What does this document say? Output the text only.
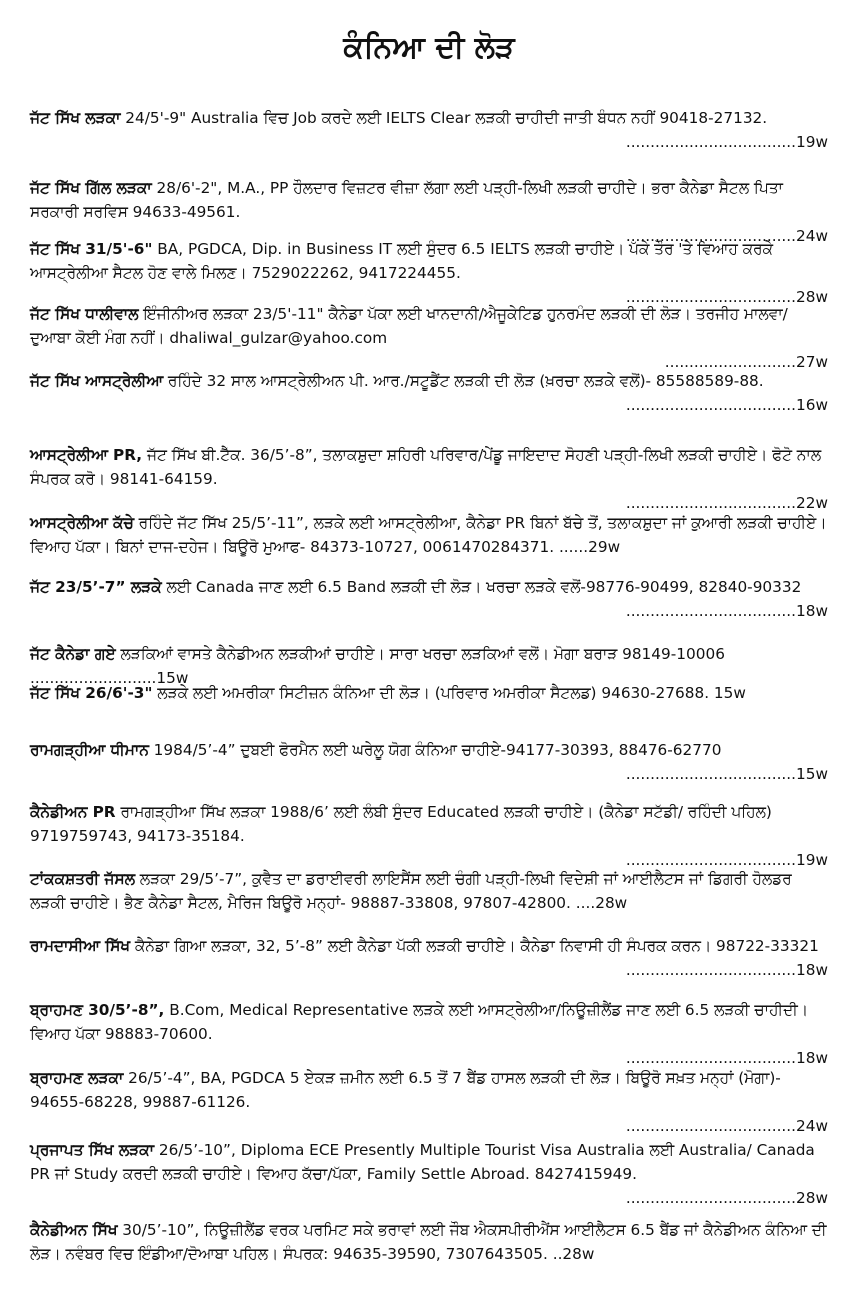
ਕੰਨਿਆ ਦੀ ਲੋੜ

ਜੱਟ ਸਿੱਖ ਲੜਕਾ 24/5'-9" Australia ਵਿਚ Job ਕਰਦੇ ਲਈ IELTS Clear ਲੜਕੀ ਚਾਹੀਦੀ ਜਾਤੀ ਬੰਧਨ ਨਹੀਂ 90418-27132.
...................................19w

ਜੱਟ ਸਿੱਖ ਗਿੱਲ ਲੜਕਾ 28/6'-2", M.A., PP ਹੌਲਦਾਰ ਵਿਜ਼ਟਰ ਵੀਜ਼ਾ ਲੱਗਾ ਲਈ ਪੜ੍ਹੀ-ਲਿਖੀ ਲੜਕੀ ਚਾਹੀਦੇ। ਭਰਾ ਕੈਨੇਡਾ ਸੈਟਲ ਪਿਤਾ ਸਰਕਾਰੀ ਸਰਵਿਸ 94633-49561.
...................................24w

ਜੱਟ ਸਿੱਖ 31/5'-6" BA, PGDCA, Dip. in Business IT ਲਈ ਸੁੰਦਰ 6.5 IELTS ਲੜਕੀ ਚਾਹੀਏ। ਪੱਕੇ ਤੌਰ 'ਤੇ ਵਿਆਹ ਕਰਕੇ ਆਸਟ੍ਰੇਲੀਆ ਸੈਟਲ ਹੋਣ ਵਾਲੇ ਮਿਲਣ। 7529022262, 9417224455.
...................................28w

ਜੱਟ ਸਿੱਖ ਧਾਲੀਵਾਲ ਇੰਜੀਨੀਅਰ ਲੜਕਾ 23/5'-11" ਕੈਨੇਡਾ ਪੱਕਾ ਲਈ ਖਾਨਦਾਨੀ/ਐਜੂਕੇਟਿਡ ਹੁਨਰਮੰਦ ਲੜਕੀ ਦੀ ਲੋੜ। ਤਰਜੀਹ ਮਾਲਵਾ/ਦੁਆਬਾ ਕੋਈ ਮੰਗ ਨਹੀਂ। dhaliwal_gulzar@yahoo.com
...........................27w

ਜੱਟ ਸਿੱਖ ਆਸਟ੍ਰੇਲੀਆ ਰਹਿੰਦੇ 32 ਸਾਲ ਆਸਟ੍ਰੇਲੀਅਨ ਪੀ. ਆਰ./ਸਟੂਡੈਂਟ ਲੜਕੀ ਦੀ ਲੋੜ (ਖ਼ਰਚਾ ਲੜਕੇ ਵਲੋਂ)- 85588589-88.
...................................16w

ਆਸਟ੍ਰੇਲੀਆ PR, ਜੱਟ ਸਿੱਖ ਬੀ.ਟੈੱਕ. 36/5’-8”, ਤਲਾਕਸ਼ੁਦਾ ਸ਼ਹਿਰੀ ਪਰਿਵਾਰ/ਪੇਂਡੂ ਜਾਇਦਾਦ ਸੋਹਣੀ ਪੜ੍ਹੀ-ਲਿਖੀ ਲੜਕੀ ਚਾਹੀਏ। ਫੋਟੋ ਨਾਲ ਸੰਪਰਕ ਕਰੋ। 98141-64159.
...................................22w

ਆਸਟ੍ਰੇਲੀਆ ਕੱਚੇ ਰਹਿੰਦੇ ਜੱਟ ਸਿੱਖ 25/5’-11”, ਲੜਕੇ ਲਈ ਆਸਟ੍ਰੇਲੀਆ, ਕੈਨੇਡਾ PR ਬਿਨਾਂ ਬੱਚੇ ਤੋਂ, ਤਲਾਕਸ਼ੁਦਾ ਜਾਂ ਕੁਆਰੀ ਲੜਕੀ ਚਾਹੀਏ। ਵਿਆਹ ਪੱਕਾ। ਬਿਨਾਂ ਦਾਜ-ਦਹੇਜ। ਬਿਊਰੋ ਮੁਆਫ- 84373-10727, 0061470284371. ......29w

ਜੱਟ 23/5’-7” ਲੜਕੇ ਲਈ Canada ਜਾਣ ਲਈ 6.5 Band ਲੜਕੀ ਦੀ ਲੋੜ। ਖਰਚਾ ਲੜਕੇ ਵਲੋਂ-98776-90499, 82840-90332
...................................18w

ਜੱਟ ਕੈਨੇਡਾ ਗਏ ਲੜਕਿਆਂ ਵਾਸਤੇ ਕੈਨੇਡੀਅਨ ਲੜਕੀਆਂ ਚਾਹੀਏ। ਸਾਰਾ ਖਰਚਾ ਲੜਕਿਆਂ ਵਲੋਂ। ਮੋਗਾ ਬਰਾੜ 98149-10006 ..........................15w

ਜੱਟ ਸਿੱਖ 26/6'-3" ਲੜਕੇ ਲਈ ਅਮਰੀਕਾ ਸਿਟੀਜ਼ਨ ਕੰਨਿਆ ਦੀ ਲੋੜ। (ਪਰਿਵਾਰ ਅਮਰੀਕਾ ਸੈਟਲਡ) 94630-27688. 15w

ਰਾਮਗੜ੍ਹੀਆ ਧੀਮਾਨ 1984/5’-4” ਦੁਬਈ ਫੋਰਮੈਨ ਲਈ ਘਰੇਲੂ ਯੋਗ ਕੰਨਿਆ ਚਾਹੀਏ-94177-30393, 88476-62770
...................................15w

ਕੈਨੇਡੀਅਨ PR ਰਾਮਗੜ੍ਹੀਆ ਸਿੱਖ ਲੜਕਾ 1988/6’ ਲਈ ਲੰਬੀ ਸੁੰਦਰ Educated ਲੜਕੀ ਚਾਹੀਏ। (ਕੈਨੇਡਾ ਸਟੱਡੀ/ ਰਹਿੰਦੀ ਪਹਿਲ) 9719759743, 94173-35184.
...................................19w

ਟਾਂਕਕਸ਼ਤਰੀ ਜੱਸਲ ਲੜਕਾ 29/5’-7”, ਕੁਵੈਤ ਦਾ ਡਰਾਈਵਰੀ ਲਾਇਸੈਂਸ ਲਈ ਚੰਗੀ ਪੜ੍ਹੀ-ਲਿਖੀ ਵਿਦੇਸ਼ੀ ਜਾਂ ਆਈਲੈਟਸ ਜਾਂ ਡਿਗਰੀ ਹੋਲਡਰ ਲੜਕੀ ਚਾਹੀਏ। ਭੈਣ ਕੈਨੇਡਾ ਸੈਟਲ, ਮੈਰਿਜ ਬਿਊਰੋ ਮਨ੍ਹਾਂ- 98887-33808, 97807-42800. ....28w

ਰਾਮਦਾਸੀਆ ਸਿੱਖ ਕੈਨੇਡਾ ਗਿਆ ਲੜਕਾ, 32, 5’-8” ਲਈ ਕੈਨੇਡਾ ਪੱਕੀ ਲੜਕੀ ਚਾਹੀਏ। ਕੈਨੇਡਾ ਨਿਵਾਸੀ ਹੀ ਸੰਪਰਕ ਕਰਨ। 98722-33321
...................................18w

ਬ੍ਰਾਹਮਣ 30/5’-8”, B.Com, Medical Representative ਲੜਕੇ ਲਈ ਆਸਟ੍ਰੇਲੀਆ/ਨਿਊਜ਼ੀਲੈਂਡ ਜਾਣ ਲਈ 6.5 ਲੜਕੀ ਚਾਹੀਦੀ। ਵਿਆਹ ਪੱਕਾ 98883-70600.
...................................18w

ਬ੍ਰਾਹਮਣ ਲੜਕਾ 26/5’-4”, BA, PGDCA 5 ਏਕੜ ਜ਼ਮੀਨ ਲਈ 6.5 ਤੋਂ 7 ਬੈਂਡ ਹਾਸਲ ਲੜਕੀ ਦੀ ਲੋੜ। ਬਿਊਰੋ ਸਖ਼ਤ ਮਨ੍ਹਾਂ (ਮੋਗਾ)- 94655-68228, 99887-61126.
...................................24w

ਪ੍ਰਜਾਪਤ ਸਿੱਖ ਲੜਕਾ 26/5’-10”, Diploma ECE Presently Multiple Tourist Visa Australia ਲਈ Australia/ Canada PR ਜਾਂ Study ਕਰਦੀ ਲੜਕੀ ਚਾਹੀਏ। ਵਿਆਹ ਕੱਚਾ/ਪੱਕਾ, Family Settle Abroad. 8427415949.
...................................28w

ਕੈਨੇਡੀਅਨ ਸਿੱਖ 30/5’-10”, ਨਿਊਜ਼ੀਲੈਂਡ ਵਰਕ ਪਰਮਿਟ ਸਕੇ ਭਰਾਵਾਂ ਲਈ ਜੌਬ ਐਕਸਪੀਰੀਐਂਸ ਆਈਲੈਟਸ 6.5 ਬੈਂਡ ਜਾਂ ਕੈਨੇਡੀਅਨ ਕੰਨਿਆ ਦੀ ਲੋੜ। ਨਵੰਬਰ ਵਿਚ ਇੰਡੀਆ/ਦੋਆਬਾ ਪਹਿਲ। ਸੰਪਰਕ: 94635-39590, 7307643505. ..28w
